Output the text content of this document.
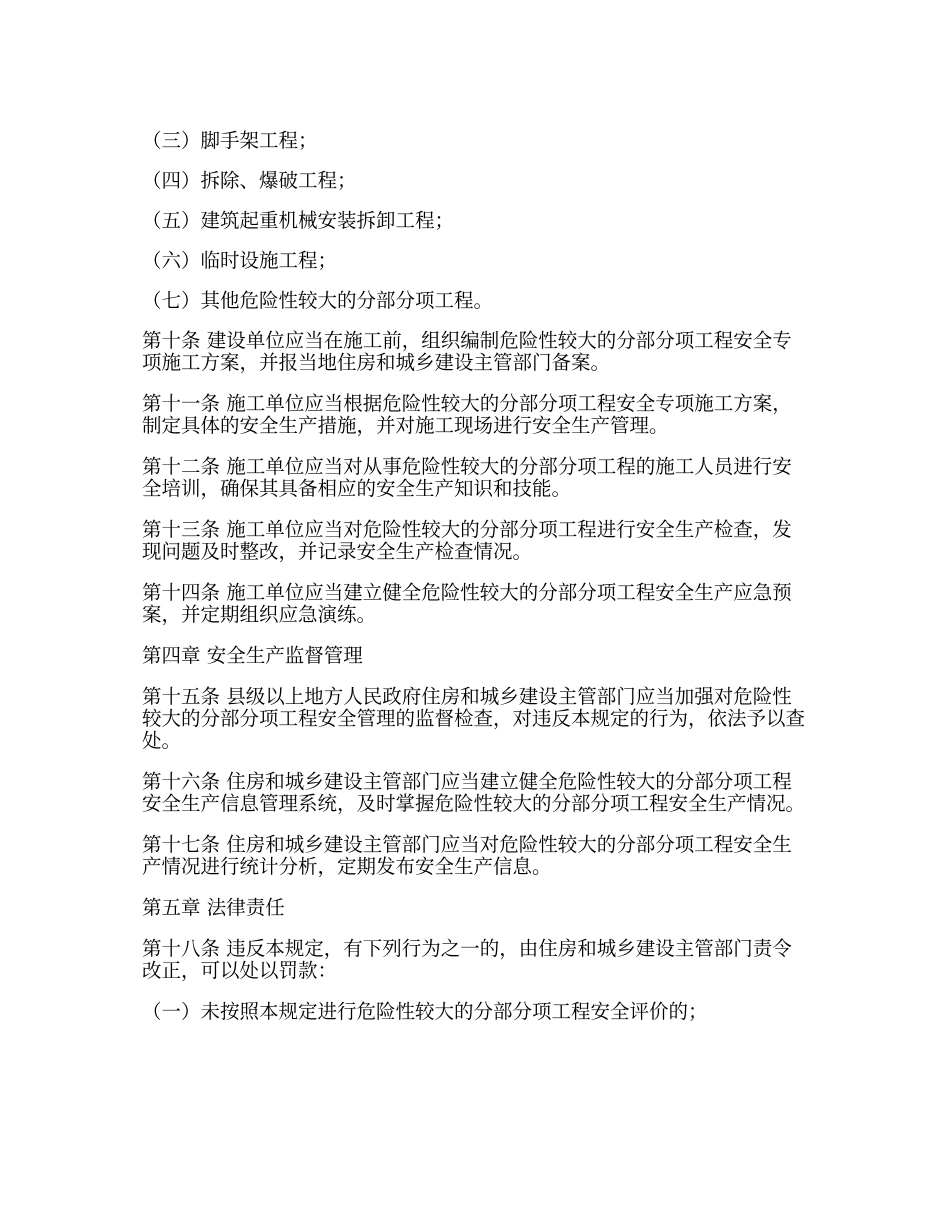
（三）脚手架工程；

（四）拆除、爆破工程；

（五）建筑起重机械安装拆卸工程；

（六）临时设施工程；

（七）其他危险性较大的分部分项工程。

第十条 建设单位应当在施工前，组织编制危险性较大的分部分项工程安全专项施工方案，并报当地住房和城乡建设主管部门备案。

第十一条 施工单位应当根据危险性较大的分部分项工程安全专项施工方案，制定具体的安全生产措施，并对施工现场进行安全生产管理。

第十二条 施工单位应当对从事危险性较大的分部分项工程的施工人员进行安全培训，确保其具备相应的安全生产知识和技能。

第十三条 施工单位应当对危险性较大的分部分项工程进行安全生产检查，发现问题及时整改，并记录安全生产检查情况。

第十四条 施工单位应当建立健全危险性较大的分部分项工程安全生产应急预案，并定期组织应急演练。

第四章 安全生产监督管理

第十五条 县级以上地方人民政府住房和城乡建设主管部门应当加强对危险性较大的分部分项工程安全管理的监督检查，对违反本规定的行为，依法予以查处。

第十六条 住房和城乡建设主管部门应当建立健全危险性较大的分部分项工程安全生产信息管理系统，及时掌握危险性较大的分部分项工程安全生产情况。

第十七条 住房和城乡建设主管部门应当对危险性较大的分部分项工程安全生产情况进行统计分析，定期发布安全生产信息。

第五章 法律责任

第十八条 违反本规定，有下列行为之一的，由住房和城乡建设主管部门责令改正，可以处以罚款：

（一）未按照本规定进行危险性较大的分部分项工程安全评价的；
